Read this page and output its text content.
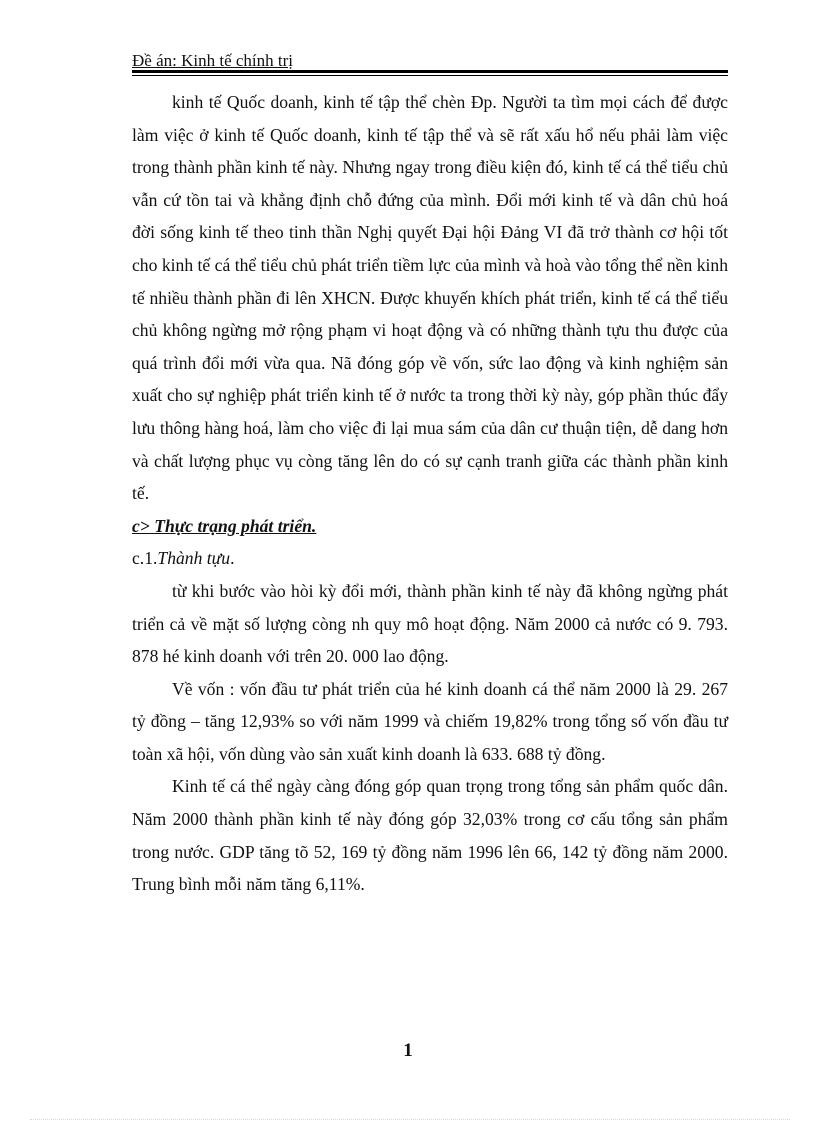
Đề án: Kinh tế chính trị

kinh tế Quốc doanh, kinh tế tập thể chèn Đp. Người ta tìm mọi cách để được làm việc ở kinh tế Quốc doanh, kinh tế tập thể và sẽ rất xấu hổ nếu phải làm việc trong thành phần kinh tế này. Nhưng ngay trong điều kiện đó, kinh tế cá thể tiểu chủ vẫn cứ tồn tai và khẳng định chỗ đứng của mình. Đổi mới kinh tế và dân chủ hoá đời sống kinh tế theo tinh thần Nghị quyết Đại hội Đảng VI đã trở thành cơ hội tốt cho kinh tế cá thể tiểu chủ phát triển tiềm lực của mình và hoà vào tổng thể nền kinh tế nhiều thành phần đi lên XHCN. Được khuyến khích phát triển, kinh tế cá thể tiểu chủ không ngừng mở rộng phạm vi hoạt động và có những thành tựu thu được của quá trình đổi mới vừa qua. Nã đóng góp về vốn, sức lao động và kinh nghiệm sản xuất cho sự nghiệp phát triển kinh tế ở nước ta trong thời kỳ này, góp phần thúc đẩy lưu thông hàng hoá, làm cho việc đi lại mua sám của dân cư thuận tiện, dễ dang hơn và chất lượng phục vụ còng tăng lên do có sự cạnh tranh giữa các thành phần kinh tế.

c> Thực trạng phát triển.

c.1.Thành tựu.

từ khi bước vào hòi kỳ đổi mới, thành phần kinh tế này đã không ngừng phát triển cả về mặt số lượng còng nh quy mô hoạt động. Năm 2000 cả nước có 9. 793. 878 hé kinh doanh với trên 20. 000 lao động.

Về vốn : vốn đầu tư phát triển của hé kinh doanh cá thể năm 2000 là 29. 267 tỷ đồng – tăng 12,93% so với năm 1999 và chiếm 19,82% trong tổng số vốn đầu tư toàn xã hội, vốn dùng vào sản xuất kinh doanh là 633. 688 tỷ đồng.

Kinh tế cá thể ngày càng đóng góp quan trọng trong tổng sản phẩm quốc dân. Năm 2000 thành phần kinh tế này đóng góp 32,03% trong cơ cấu tổng sản phẩm trong nước. GDP tăng tõ 52, 169 tỷ đồng năm 1996 lên 66, 142 tỷ đồng năm 2000. Trung bình mỗi năm tăng 6,11%.

1
